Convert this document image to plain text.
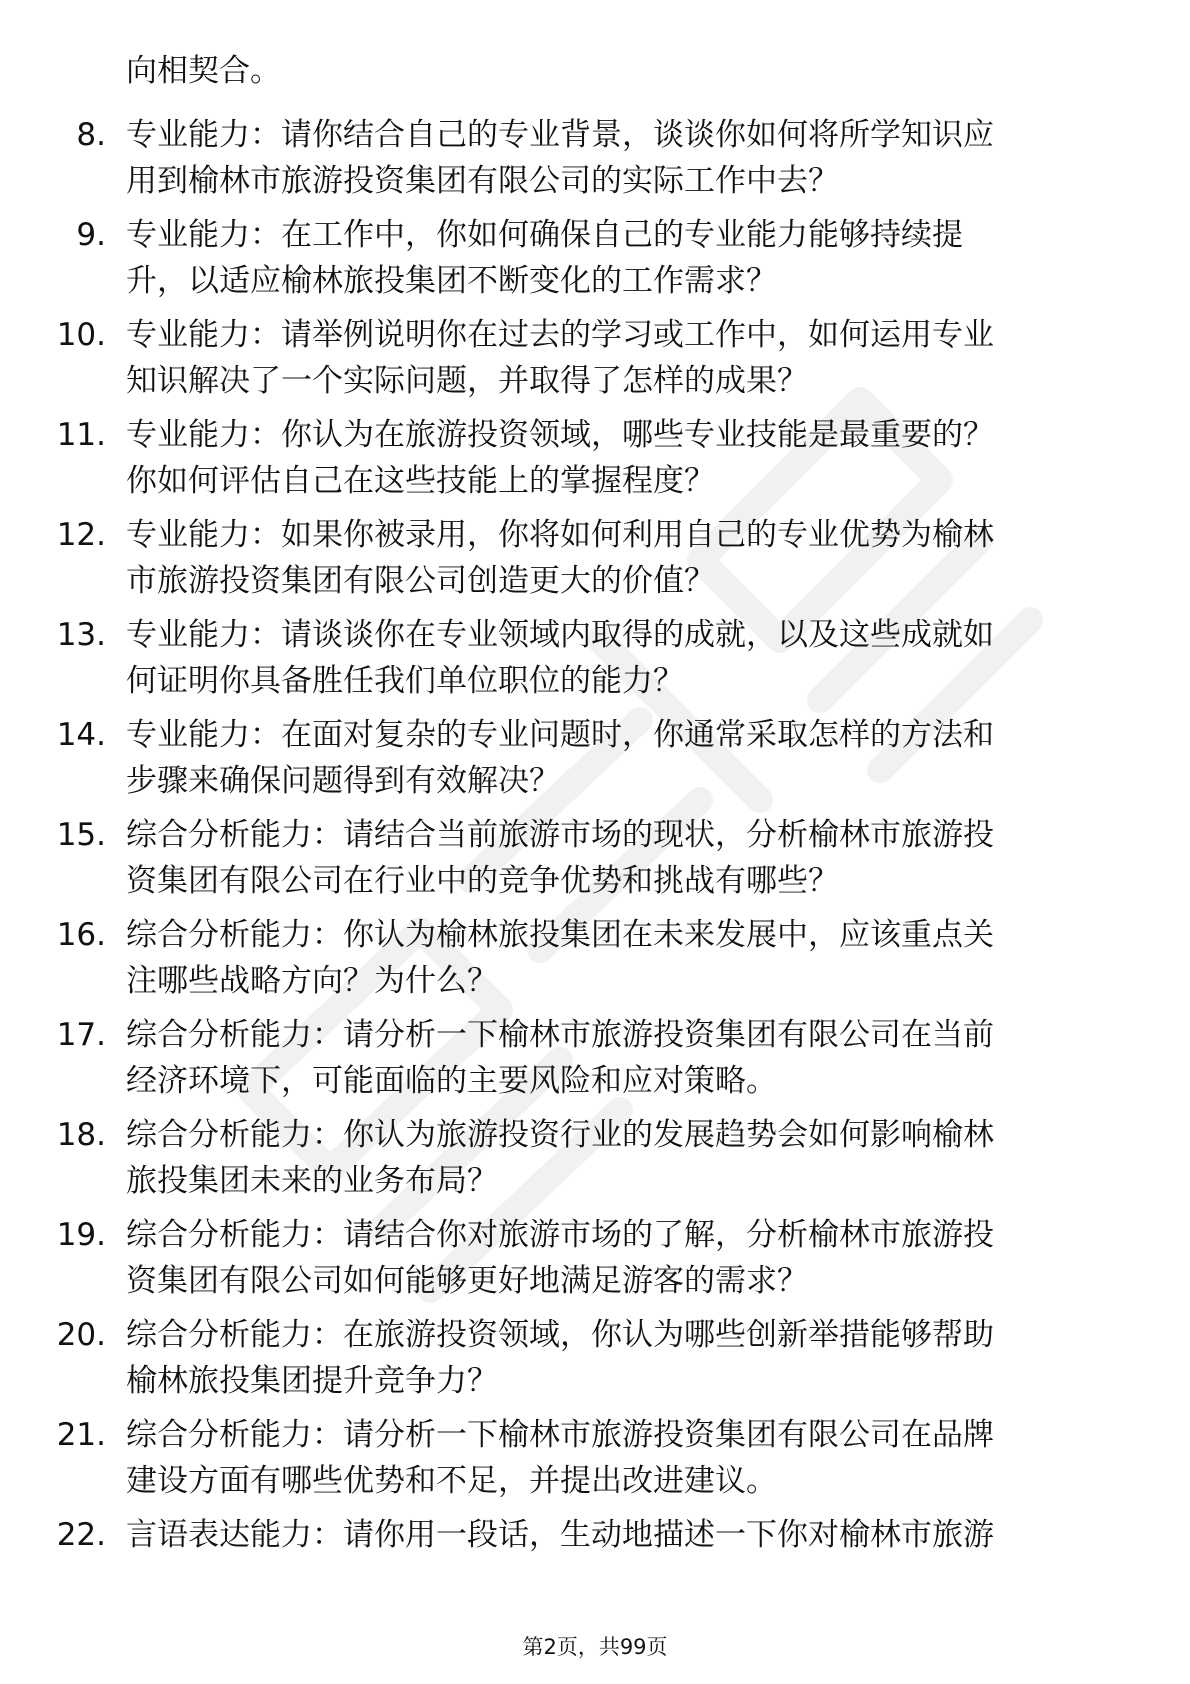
向相契合。
8. 专业能力：请你结合自己的专业背景，谈谈你如何将所学知识应
用到榆林市旅游投资集团有限公司的实际工作中去？
9. 专业能力：在工作中，你如何确保自己的专业能力能够持续提
升，以适应榆林旅投集团不断变化的工作需求？
10. 专业能力：请举例说明你在过去的学习或工作中，如何运用专业
知识解决了一个实际问题，并取得了怎样的成果？
11. 专业能力：你认为在旅游投资领域，哪些专业技能是最重要的？
你如何评估自己在这些技能上的掌握程度？
12. 专业能力：如果你被录用，你将如何利用自己的专业优势为榆林
市旅游投资集团有限公司创造更大的价值？
13. 专业能力：请谈谈你在专业领域内取得的成就，以及这些成就如
何证明你具备胜任我们单位职位的能力？
14. 专业能力：在面对复杂的专业问题时，你通常采取怎样的方法和
步骤来确保问题得到有效解决？
15. 综合分析能力：请结合当前旅游市场的现状，分析榆林市旅游投
资集团有限公司在行业中的竞争优势和挑战有哪些？
16. 综合分析能力：你认为榆林旅投集团在未来发展中，应该重点关
注哪些战略方向？为什么？
17. 综合分析能力：请分析一下榆林市旅游投资集团有限公司在当前
经济环境下，可能面临的主要风险和应对策略。
18. 综合分析能力：你认为旅游投资行业的发展趋势会如何影响榆林
旅投集团未来的业务布局？
19. 综合分析能力：请结合你对旅游市场的了解，分析榆林市旅游投
资集团有限公司如何能够更好地满足游客的需求？
20. 综合分析能力：在旅游投资领域，你认为哪些创新举措能够帮助
榆林旅投集团提升竞争力？
21. 综合分析能力：请分析一下榆林市旅游投资集团有限公司在品牌
建设方面有哪些优势和不足，并提出改进建议。
22. 言语表达能力：请你用一段话，生动地描述一下你对榆林市旅游
第2页，共99页
